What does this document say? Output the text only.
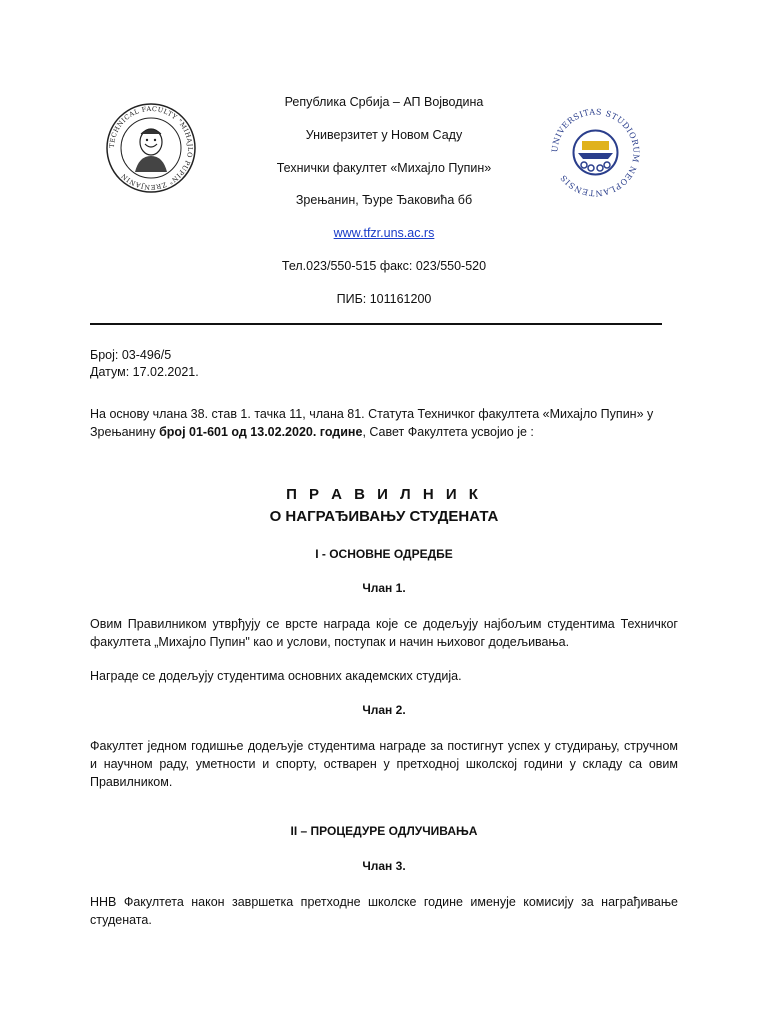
TECHNICAL FACULTY "MIHAJLO PUPIN" ZRENJANIN
UNIVERSITAS STUDIORUM NEOPLANTENSIS
Република Србија – АП Војводина
Универзитет у Новом Саду
Технички факултет «Михајло Пупин»
Зрењанин, Ђуре Ђаковића бб
www.tfzr.uns.ac.rs
Тел.023/550-515 факс: 023/550-520
ПИБ: 101161200
Број: 03-496/5
Датум: 17.02.2021.
На основу члана 38. став 1. тачка 11, члана 81. Статута Техничког факултета «Михајло Пупин» у Зрењанину број 01-601 од 13.02.2020. године, Савет Факултета усвојио је :
П Р А В И Л Н И К
О НАГРАЂИВАЊУ СТУДЕНАТА
I - ОСНОВНЕ ОДРЕДБЕ
Члан 1.
Овим Правилником утврђују се врсте награда које се додељују најбољим студентима Техничког факултета „Михајло Пупин" као и услови, поступак и начин њиховог додељивања.
Награде се додељују студентима основних академских студија.
Члан 2.
Факултет једном годишње додељује студентима награде за постигнут успех у студирању, стручном и научном раду, уметности и спорту, остварен у претходној школској години у складу са овим Правилником.
II – ПРОЦЕДУРЕ ОДЛУЧИВАЊА
Члан 3.
ННВ Факултета након завршетка претходне школске године именује комисију за награђивање студената.
